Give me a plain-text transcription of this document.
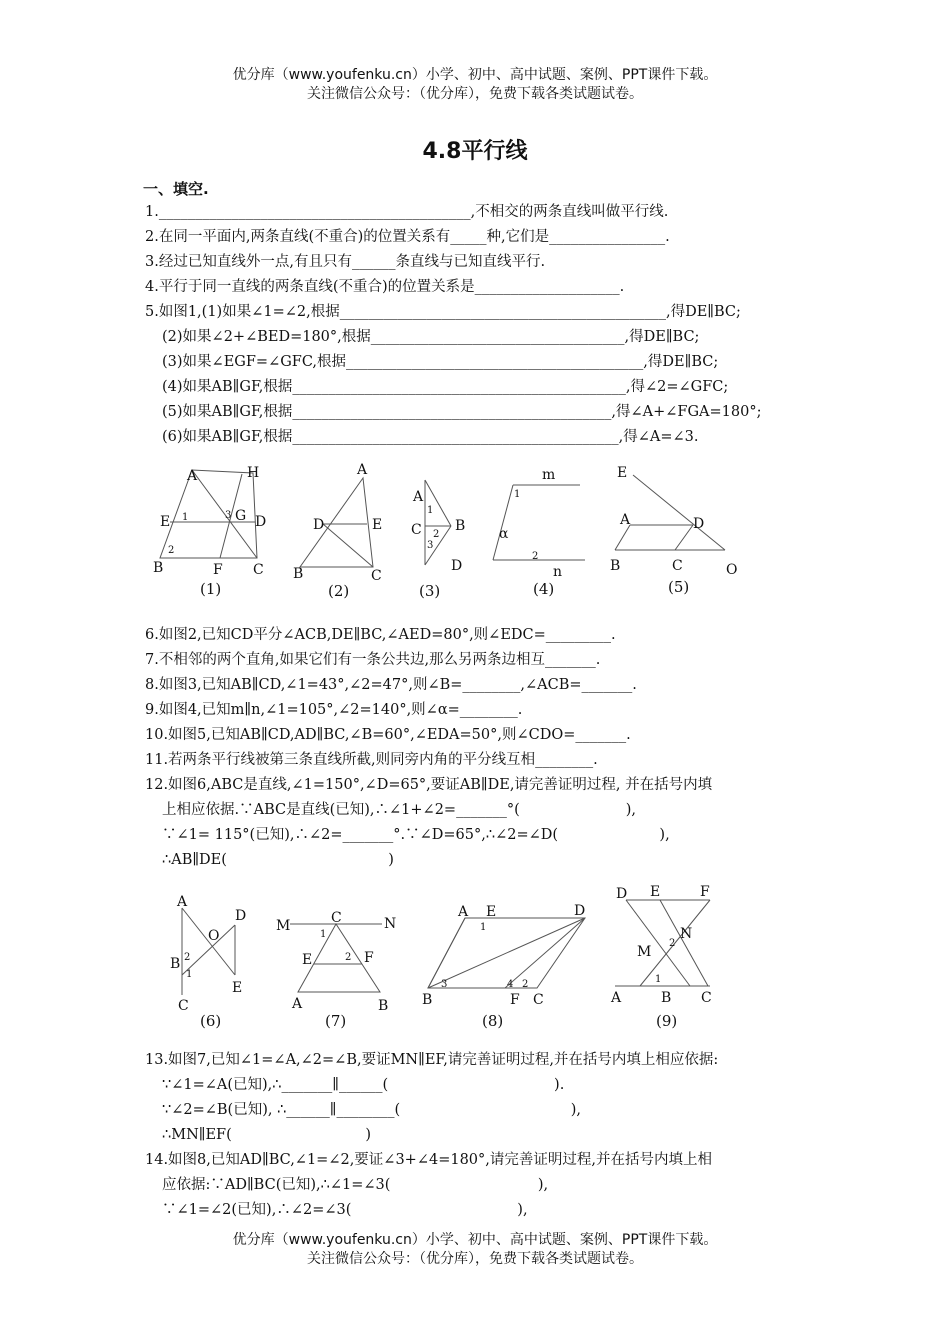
优分库（www.youfenku.cn）小学、初中、高中试题、案例、PPT课件下载。
关注微信公众号：（优分库），免费下载各类试题试卷。
4.8平行线
一、填空.
1.___________________________________________,不相交的两条直线叫做平行线.
2.在同一平面内,两条直线(不重合)的位置关系有_____种,它们是________________.
3.经过已知直线外一点,有且只有______条直线与已知直线平行.
4.平行于同一直线的两条直线(不重合)的位置关系是____________________.
5.如图1,(1)如果∠1=∠2,根据_____________________________________________,得DE∥BC;
(2)如果∠2+∠BED=180°,根据___________________________________,得DE∥BC;
(3)如果∠EGF=∠GFC,根据_________________________________________,得DE∥BC;
(4)如果AB∥GF,根据______________________________________________,得∠2=∠GFC;
(5)如果AB∥GF,根据____________________________________________,得∠A+∠FGA=180°;
(6)如果AB∥GF,根据_____________________________________________,得∠A=∠3.
A	H
E	D
G
1	3
2
B	F C
A
D	E
B	C
A
C B
D
1
2
3
m
1
α
2
n
E
A	D
B	C	O
(1)	(2)	(3)	(4)	(5)
6.如图2,已知CD平分∠ACB,DE∥BC,∠AED=80°,则∠EDC=_________.
7.不相邻的两个直角,如果它们有一条公共边,那么另两条边相互_______.
8.如图3,已知AB∥CD,∠1=43°,∠2=47°,则∠B=________,∠ACB=_______.
9.如图4,已知m∥n,∠1=105°,∠2=140°,则∠α=________.
10.如图5,已知AB∥CD,AD∥BC,∠B=60°,∠EDA=50°,则∠CDO=_______.
11.若两条平行线被第三条直线所截,则同旁内角的平分线互相________.
12.如图6,ABC是直线,∠1=150°,∠D=65°,要证AB∥DE,请完善证明过程, 并在括号内填
上相应依据.∵ABC是直线(已知),∴∠1+∠2=_______°(                       ),
∵∠1= 115°(已知),∴∠2=_______°.∵∠D=65°,∴∠2=∠D(                      ),
∴AB∥DE(                                   )
A
D
O
B 2
1
E
C
M	C	N
1
E	2 F
A	B
A E	D
1
B
3	4 2
F C
D E	F
M
2
N
1
A	B C
(6)	(7)	(8)	(9)
13.如图7,已知∠1=∠A,∠2=∠B,要证MN∥EF,请完善证明过程,并在括号内填上相应依据:
∵∠1=∠A(已知),∴_______∥______(                                    ).
∵∠2=∠B(已知), ∴______∥________(                                     ),
∴MN∥EF(                             )
14.如图8,已知AD∥BC,∠1=∠2,要证∠3+∠4=180°,请完善证明过程,并在括号内填上相
应依据:∵AD∥BC(已知),∴∠1=∠3(                                ),
∵∠1=∠2(已知),∴∠2=∠3(                                    ),
优分库（www.youfenku.cn）小学、初中、高中试题、案例、PPT课件下载。
关注微信公众号：（优分库），免费下载各类试题试卷。
